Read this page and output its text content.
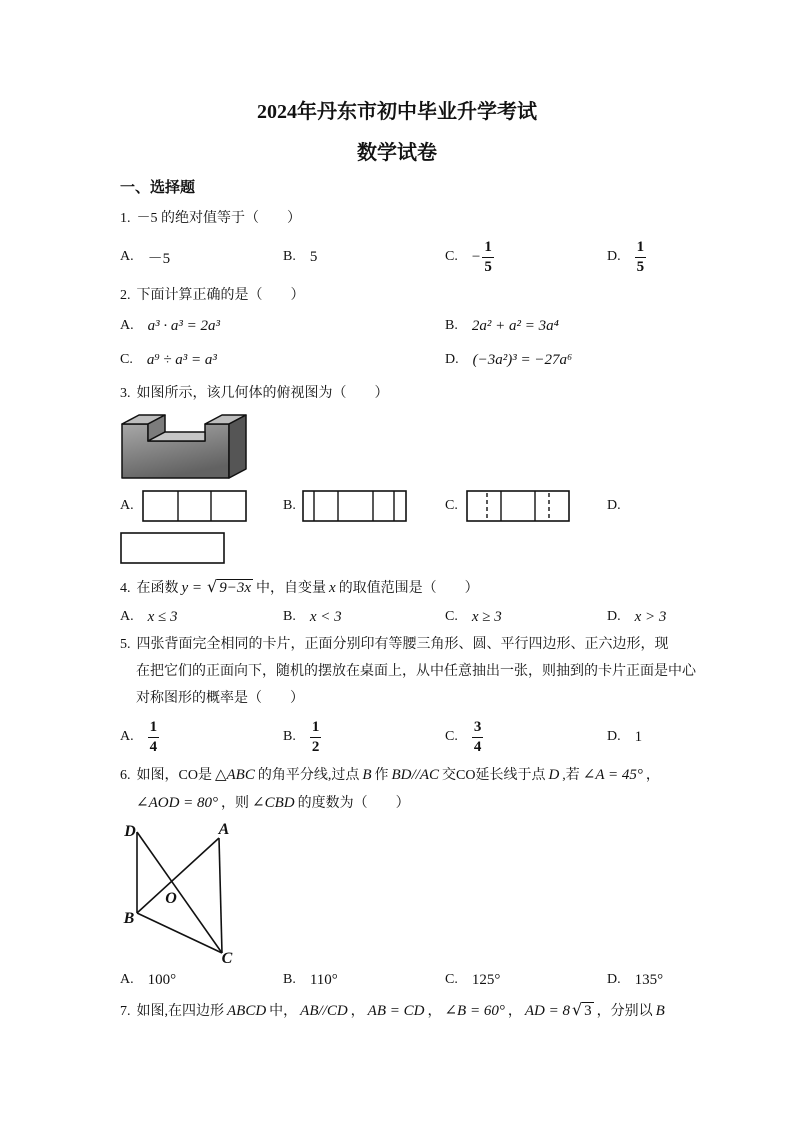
2024年丹东市初中毕业升学考试
数学试卷
一、选择题
1. －5 的绝对值等于（　　）
A. －5	B. 5	C. − $\frac{1}{5}$	D. $\frac{1}{5}$
2. 下面计算正确的是（　　）
A. a³ · a³ = 2a³	B. 2a² + a² = 3a⁴
C. a⁹ ÷ a³ = a³	D. (−3a²)³ = −27a⁶
3. 如图所示，该几何体的俯视图为（　　）
A.	B.	C.	D.
4. 在函数 y = √ 9−3x 中，自变量 x 的取值范围是（　　）
A. x ≤ 3	B. x < 3	C. x ≥ 3	D. x > 3
5. 四张背面完全相同的卡片，正面分别印有等腰三角形、圆、平行四边形、正六边形，现
在把它们的正面向下，随机的摆放在桌面上，从中任意抽出一张，则抽到的卡片正面是中心
对称图形的概率是（　　）
A. $\frac{1}{4}$	B. $\frac{1}{2}$	C. $\frac{3}{4}$	D. 1
6. 如图，CO是 △ABC 的角平分线,过点 B 作 BD//AC 交CO延长线于点 D ,若 ∠A = 45° ，
∠AOD = 80° ，则 ∠CBD 的度数为（　　）
D	A
O
B
C
A. 100°	B. 110°	C. 125°	D. 135°
7. 如图,在四边形 ABCD 中， AB//CD ， AB = CD ， ∠B = 60° ， AD = 8 √ 3 ，分别以 B
